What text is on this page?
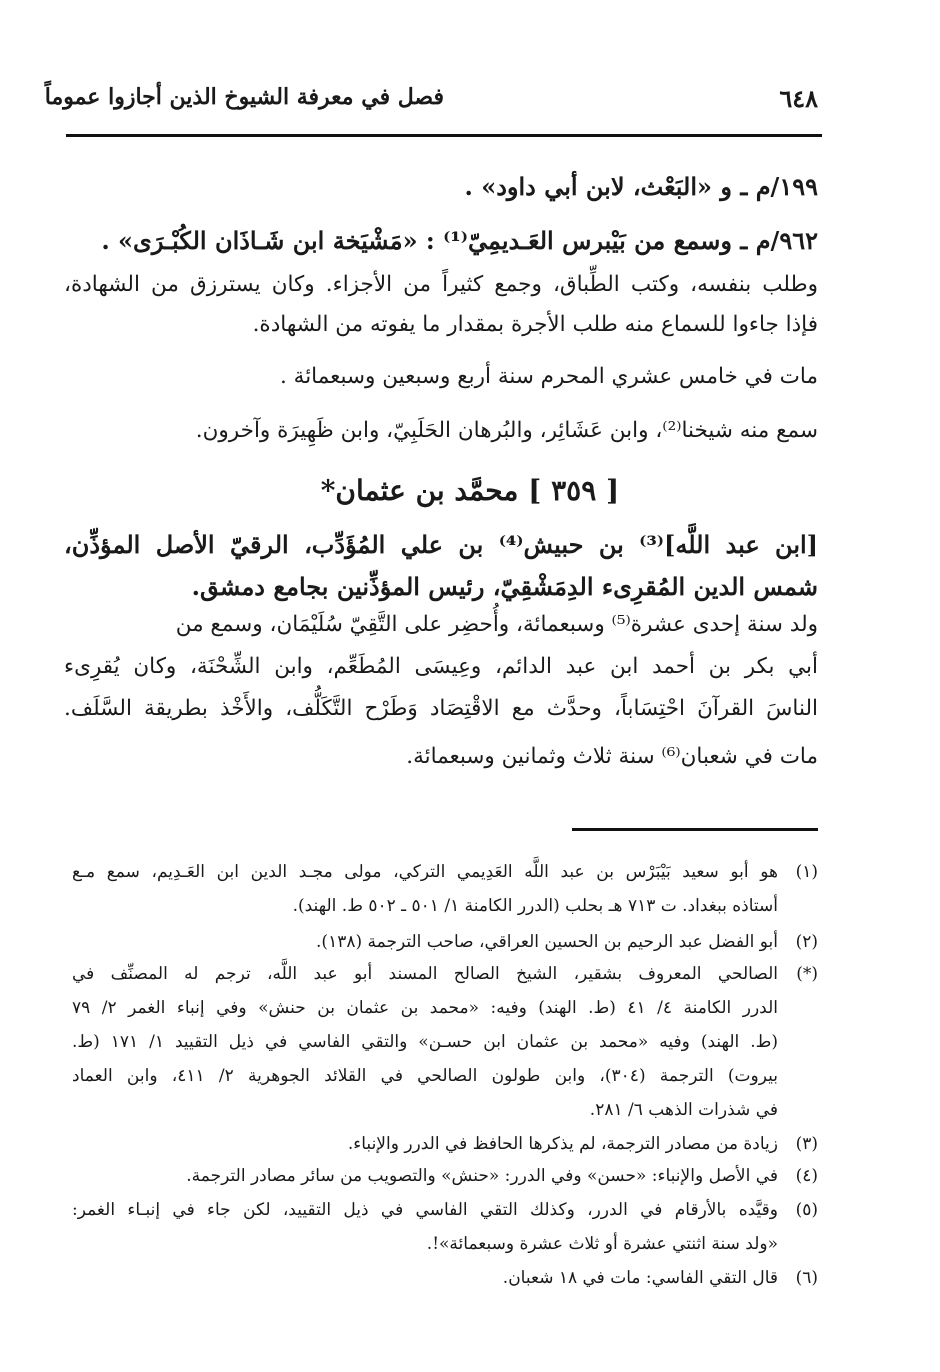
فصل في معرفة الشيوخ الذين أجازوا عموماً	٦٤٨
١٩٩/م ـ و «البَعْث، لابن أبي داود» .
٩٦٢/م ـ وسمع من بَيْبرس العَـديمِيّ⁽¹⁾ : «مَشْيَخة ابن شَـاذَان الكُبْـرَى» .
وطلب بنفسه، وكتب الطِّباق، وجمع كثيراً من الأجزاء. وكان يسترزق من الشهادة،
فإذا جاءوا للسماع منه طلب الأجرة بمقدار ما يفوته من الشهادة.
مات في خامس عشري المحرم سنة أربع وسبعين وسبعمائة .
سمع منه شيخنا⁽²⁾، وابن عَشَائِر، والبُرهان الحَلَبِيّ، وابن ظَهِيرَة وآخرون.
[ ٣٥٩ ] محمَّد بن عثمان*
[ابن عبد اللَّه]⁽³⁾ بن حبيش⁽⁴⁾ بن علي المُؤَدِّب، الرقيّ الأصل المؤذِّن،
شمس الدين المُقرِىء الدِمَشْقِيّ، رئيس المؤذِّنين بجامع دمشق.
ولد سنة إحدى عشرة⁽⁵⁾ وسبعمائة، وأُحضِر على التَّقِيّ سُلَيْمَان، وسمع من
أبي بكر بن أحمد ابن عبد الدائم، وعِيسَى المُطَعِّم، وابن الشِّحْنَة، وكان يُقرِىء
الناسَ القرآنَ احْتِسَاباً، وحدَّث مع الاقْتِصَاد وَطَرْح التَّكَلُّف، والأَخْذ بطريقة السَّلَف.
مات في شعبان⁽⁶⁾ سنة ثلاث وثمانين وسبعمائة.
(١)
هو أبو سعيد بَيْبَرْس بن عبد اللَّه العَدِيمي التركي، مولى مجـد الدين ابن العَـدِيم، سمع مـع
أستاذه ببغداد. ت ٧١٣ هـ بحلب (الدرر الكامنة ١/ ٥٠١ ـ ٥٠٢ ط. الهند).
(٢)
أبو الفضل عبد الرحيم بن الحسين العراقي، صاحب الترجمة (١٣٨).
(*)
الصالحي المعروف بشقير، الشيخ الصالح المسند أبو عبد اللَّه، ترجم له المصنِّف في
الدرر الكامنة ٤/ ٤١ (ط. الهند) وفيه: «محمد بن عثمان بن حنش» وفي إنباء الغمر ٢/ ٧٩
(ط. الهند) وفيه «محمد بن عثمان ابن حسـن» والتقي الفاسي في ذيل التقييد ١/ ١٧١ (ط.
بيروت) الترجمة (٣٠٤)، وابن طولون الصالحي في القلائد الجوهرية ٢/ ٤١١، وابن العماد
في شذرات الذهب ٦/ ٢٨١.
(٣)
زيادة من مصادر الترجمة، لم يذكرها الحافظ في الدرر والإنباء.
(٤)
في الأصل والإنباء: «حسن» وفي الدرر: «حنش» والتصويب من سائر مصادر الترجمة.
(٥)
وقيَّده بالأرقام في الدرر، وكذلك التقي الفاسي في ذيل التقييد، لكن جاء في إنبـاء الغمر:
«ولد سنة اثنتي عشرة أو ثلاث عشرة وسبعمائة»!.
(٦)
قال التقي الفاسي: مات في ١٨ شعبان.
